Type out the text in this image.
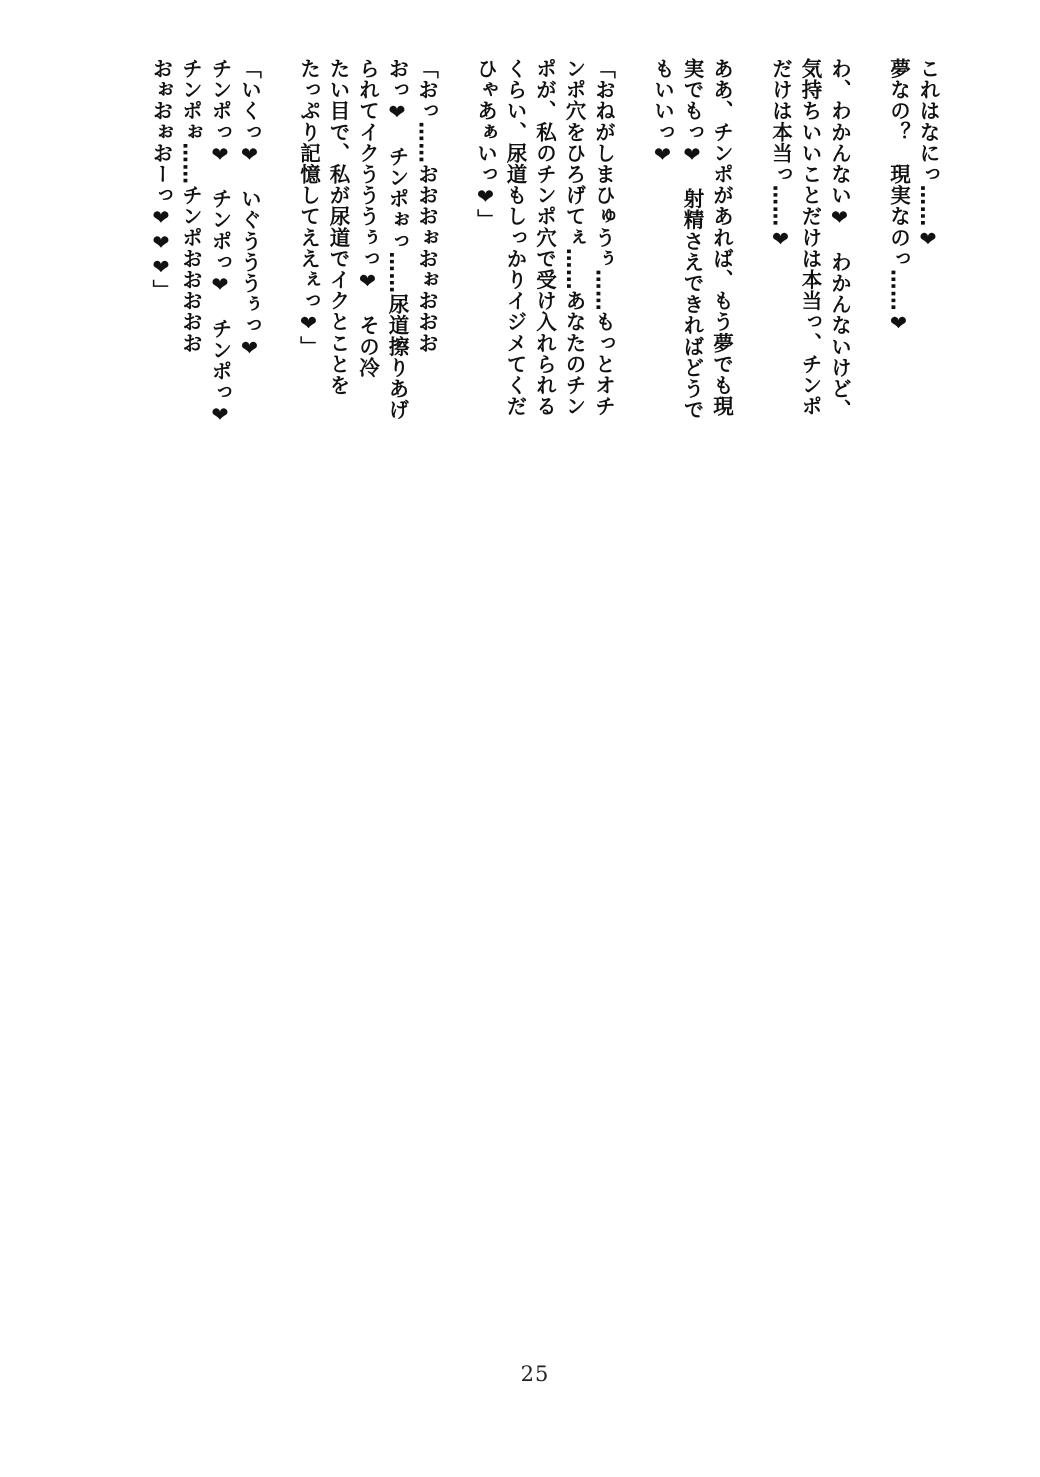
これはなにっ……❤
夢なの？　現実なのっ……❤
わ、わかんない❤　わかんないけど、
気持ちいいことだけは本当っ、チンポ
だけは本当っ……❤
ああ、チンポがあれば、もう夢でも現
実でもっ❤　射精さえできればどうで
もいいっ❤
「おねがしまひゅうぅ……もっとオチ
ンポ穴をひろげてぇ……あなたのチン
ポが、私のチンポ穴で受け入れられる
くらい、尿道もしっかりイジメてくだ
ひゃあぁいっ❤」
「おっ……おおおぉおぉおおお
おっ❤　チンポぉっ……尿道擦りあげ
られてイクうううぅっ❤　その冷
たい目で、私が尿道でイクとことを
たっぷり記憶してええぇっ❤」
「いくっ❤　いぐうううぅっ❤
チンポっ❤　チンポっ❤　チンポっ❤
チンポぉ……チンポおおおおお
おぉおぉおーっ❤❤❤」
25
